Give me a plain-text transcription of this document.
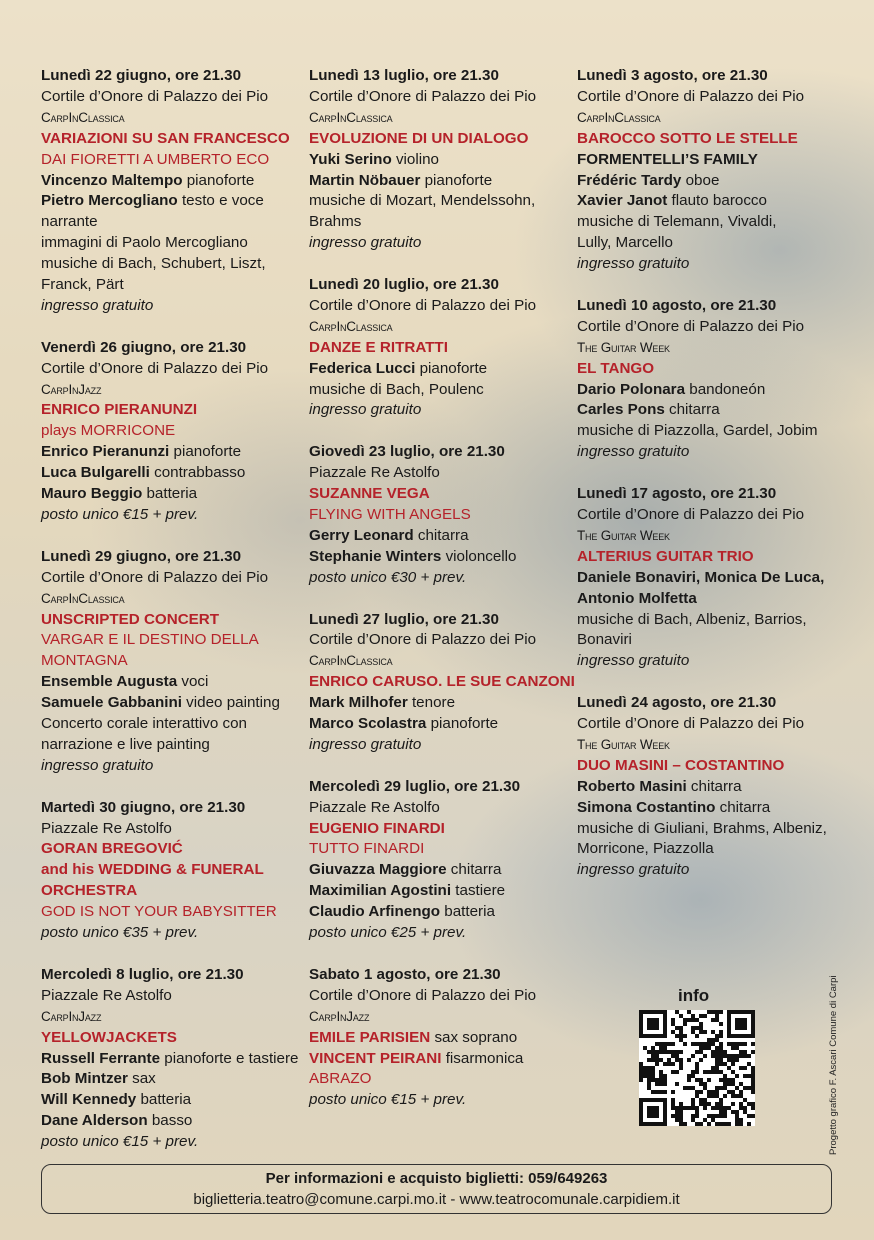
Lunedì 22 giugno, ore 21.30
Cortile d’Onore di Palazzo dei Pio
CarpInClassica
VARIAZIONI SU SAN FRANCESCO
DAI FIORETTI A UMBERTO ECO
Vincenzo Maltempo pianoforte
Pietro Mercogliano testo e voce
narrante
immagini di Paolo Mercogliano
musiche di Bach, Schubert, Liszt,
Franck, Pärt
ingresso gratuito
Venerdì 26 giugno, ore 21.30
Cortile d’Onore di Palazzo dei Pio
CarpInJazz
ENRICO PIERANUNZI
plays MORRICONE
Enrico Pieranunzi pianoforte
Luca Bulgarelli contrabbasso
Mauro Beggio batteria
posto unico €15 + prev.
Lunedì 29 giugno, ore 21.30
Cortile d’Onore di Palazzo dei Pio
CarpInClassica
UNSCRIPTED CONCERT
VARGAR E IL DESTINO DELLA
MONTAGNA
Ensemble Augusta voci
Samuele Gabbanini video painting
Concerto corale interattivo con
narrazione e live painting
ingresso gratuito
Martedì 30 giugno, ore 21.30
Piazzale Re Astolfo
GORAN BREGOVIĆ
and his WEDDING & FUNERAL
ORCHESTRA
GOD IS NOT YOUR BABYSITTER
posto unico €35 + prev.
Mercoledì 8 luglio, ore 21.30
Piazzale Re Astolfo
CarpInJazz
YELLOWJACKETS
Russell Ferrante pianoforte e tastiere
Bob Mintzer sax
Will Kennedy batteria
Dane Alderson basso
posto unico €15 + prev.
Lunedì 13 luglio, ore 21.30
Cortile d’Onore di Palazzo dei Pio
CarpInClassica
EVOLUZIONE DI UN DIALOGO
Yuki Serino violino
Martin Nöbauer pianoforte
musiche di Mozart, Mendelssohn,
Brahms
ingresso gratuito
Lunedì 20 luglio, ore 21.30
Cortile d’Onore di Palazzo dei Pio
CarpInClassica
DANZE E RITRATTI
Federica Lucci pianoforte
musiche di Bach, Poulenc
ingresso gratuito
Giovedì 23 luglio, ore 21.30
Piazzale Re Astolfo
SUZANNE VEGA
FLYING WITH ANGELS
Gerry Leonard chitarra
Stephanie Winters violoncello
posto unico €30 + prev.
Lunedì 27 luglio, ore 21.30
Cortile d’Onore di Palazzo dei Pio
CarpInClassica
ENRICO CARUSO. LE SUE CANZONI
Mark Milhofer tenore
Marco Scolastra pianoforte
ingresso gratuito
Mercoledì 29 luglio, ore 21.30
Piazzale Re Astolfo
EUGENIO FINARDI
TUTTO FINARDI
Giuvazza Maggiore chitarra
Maximilian Agostini tastiere
Claudio Arfinengo batteria
posto unico €25 + prev.
Sabato 1 agosto, ore 21.30
Cortile d’Onore di Palazzo dei Pio
CarpInJazz
EMILE PARISIEN sax soprano
VINCENT PEIRANI fisarmonica
ABRAZO
posto unico €15 + prev.
Lunedì 3 agosto, ore 21.30
Cortile d’Onore di Palazzo dei Pio
CarpInClassica
BAROCCO SOTTO LE STELLE
FORMENTELLI’S FAMILY
Frédéric Tardy oboe
Xavier Janot flauto barocco
musiche di Telemann, Vivaldi,
Lully, Marcello
ingresso gratuito
Lunedì 10 agosto, ore 21.30
Cortile d’Onore di Palazzo dei Pio
The Guitar Week
EL TANGO
Dario Polonara bandoneón
Carles Pons chitarra
musiche di Piazzolla, Gardel, Jobim
ingresso gratuito
Lunedì 17 agosto, ore 21.30
Cortile d’Onore di Palazzo dei Pio
The Guitar Week
ALTERIUS GUITAR TRIO
Daniele Bonaviri, Monica De Luca,
Antonio Molfetta
musiche di Bach, Albeniz, Barrios,
Bonaviri
ingresso gratuito
Lunedì 24 agosto, ore 21.30
Cortile d’Onore di Palazzo dei Pio
The Guitar Week
DUO MASINI – COSTANTINO
Roberto Masini chitarra
Simona Costantino chitarra
musiche di Giuliani, Brahms, Albeniz,
Morricone, Piazzolla
ingresso gratuito
info	Progetto grafico F. Ascari Comune di Carpi
Per informazioni e acquisto biglietti: 059/649263
biglietteria.teatro@comune.carpi.mo.it - www.teatrocomunale.carpidiem.it
